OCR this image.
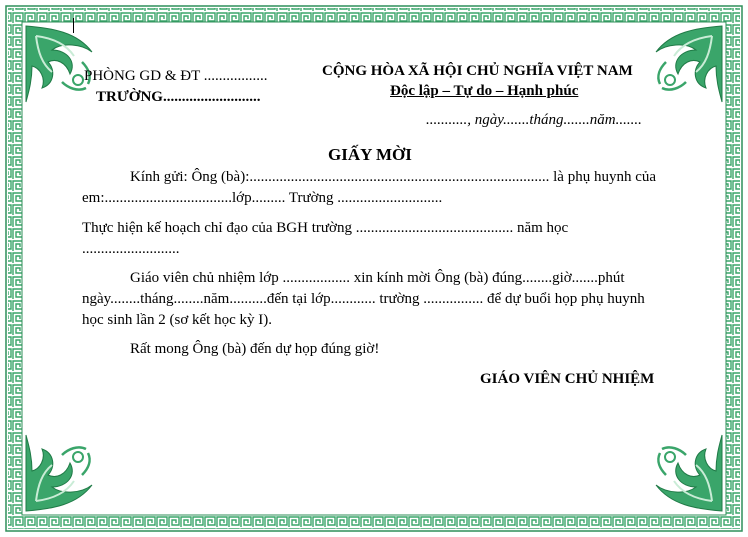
PHÒNG GD & ĐT .................
TRƯỜNG..........................
CỘNG HÒA XÃ HỘI CHỦ NGHĨA VIỆT NAM
Độc lập – Tự do – Hạnh phúc
..........., ngày.......tháng.......năm.......
GIẤY MỜI
Kính gửi: Ông (bà):................................................................................ là phụ huynh của em:..................................lớp......... Trường ............................
Thực hiện kế hoạch chỉ đạo của BGH trường .......................................... năm học ..........................
Giáo viên chủ nhiệm lớp .................. xin kính mời Ông (bà) đúng........giờ.......phút ngày........tháng........năm..........đến tại lớp............ trường ................ để dự buổi họp phụ huynh học sinh lần 2 (sơ kết học kỳ I).
Rất mong Ông (bà) đến dự họp đúng giờ!
GIÁO VIÊN CHỦ NHIỆM
